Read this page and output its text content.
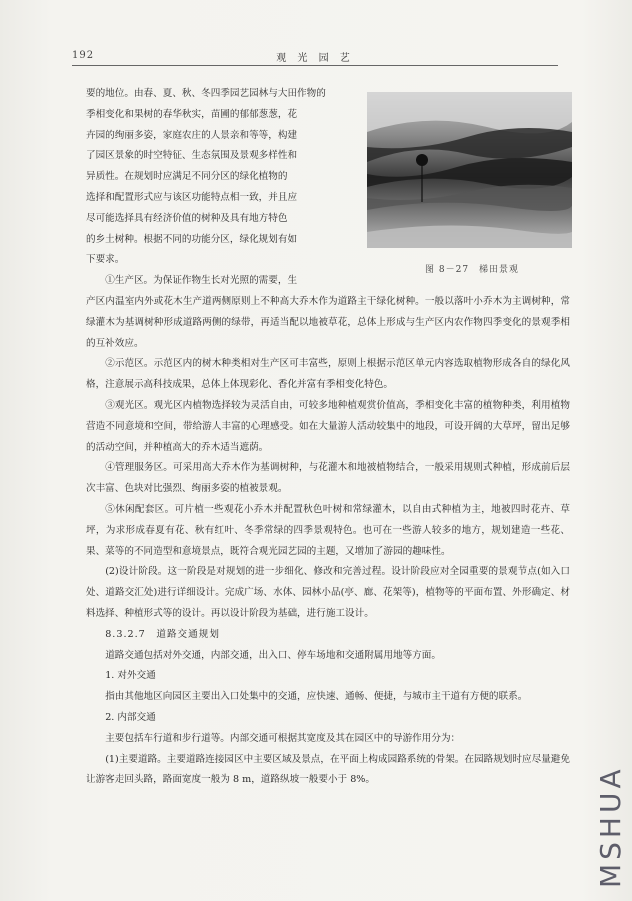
192	观 光 园 艺
图 8－27　梯田景观
要的地位。由春、夏、秋、冬四季园艺园林与大田作物的
季相变化和果树的春华秋实，苗圃的郁郁葱葱，花
卉园的绚丽多姿，家庭农庄的人景亲和等等，构建
了园区景象的时空特征、生态氛围及景观多样性和
异质性。在规划时应满足不同分区的绿化植物的
选择和配置形式应与该区功能特点相一致，并且应
尽可能选择具有经济价值的树种及具有地方特色
的乡土树种。根据不同的功能分区，绿化规划有如
下要求。
①生产区。为保证作物生长对光照的需要，生

产区内温室内外或花木生产道两侧原则上不种高大乔木作为道路主干绿化树种。一般以落叶小乔木为主调树种，常绿灌木为基调树种形成道路两侧的绿带，再适当配以地被草花，总体上形成与生产区内农作物四季变化的景观季相的互补效应。

②示范区。示范区内的树木种类相对生产区可丰富些，原则上根据示范区单元内容选取植物形成各自的绿化风格，注意展示高科技成果，总体上体现彩化、香化并富有季相变化特色。

③观光区。观光区内植物选择较为灵活自由，可较多地种植观赏价值高，季相变化丰富的植物种类，利用植物营造不同意境和空间，带给游人丰富的心理感受。如在大量游人活动较集中的地段，可设开阔的大草坪，留出足够的活动空间，并种植高大的乔木适当遮荫。

④管理服务区。可采用高大乔木作为基调树种，与花灌木和地被植物结合，一般采用规则式种植，形成前后层次丰富、色块对比强烈、绚丽多姿的植被景观。

⑤休闲配套区。可片植一些观花小乔木并配置秋色叶树和常绿灌木，以自由式种植为主，地被四时花卉、草坪，为求形成春夏有花、秋有红叶、冬季常绿的四季景观特色。也可在一些游人较多的地方，规划建造一些花、果、菜等的不同造型和意境景点，既符合观光园艺园的主题，又增加了游园的趣味性。

(2)设计阶段。这一阶段是对规划的进一步细化、修改和完善过程。设计阶段应对全园重要的景观节点(如入口处、道路交汇处)进行详细设计。完成广场、水体、园林小品(亭、廊、花架等)，植物等的平面布置、外形确定、材料选择、种植形式等的设计。再以设计阶段为基础，进行施工设计。

8.3.2.7　道路交通规划

道路交通包括对外交通，内部交通，出入口、停车场地和交通附属用地等方面。

1. 对外交通

指由其他地区向园区主要出入口处集中的交通，应快速、通畅、便捷，与城市主干道有方便的联系。

2. 内部交通

主要包括车行道和步行道等。内部交通可根据其宽度及其在园区中的导游作用分为：

(1)主要道路。主要道路连接园区中主要区域及景点，在平面上构成园路系统的骨架。在园路规划时应尽量避免让游客走回头路，路面宽度一般为 8 m，道路纵坡一般要小于 8%。	MSHUA
